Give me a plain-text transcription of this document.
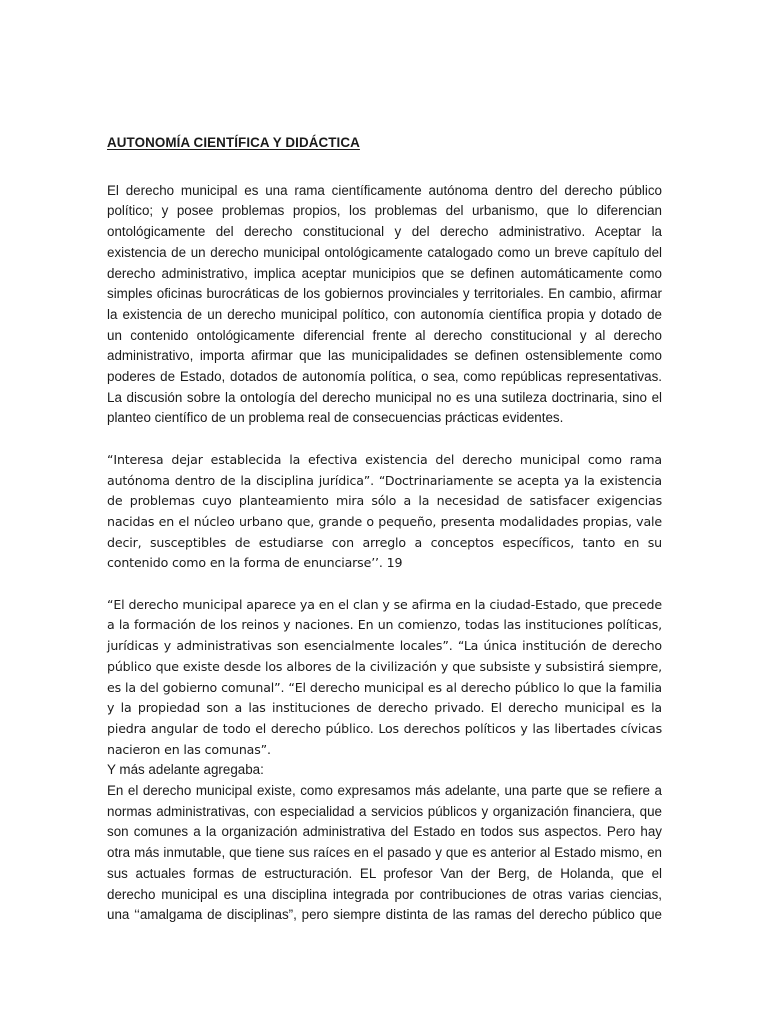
AUTONOMÍA CIENTÍFICA Y DIDÁCTICA

El derecho municipal es una rama científicamente autónoma dentro del derecho público político; y posee problemas propios, los problemas del urbanismo, que lo diferencian ontológicamente del derecho constitucional y del derecho administrativo. Aceptar la existencia de un derecho municipal ontológicamente catalogado como un breve capítulo del derecho administrativo, implica aceptar municipios que se definen automáticamente como simples oficinas burocráticas de los gobiernos provinciales y territoriales. En cambio, afirmar la existencia de un derecho municipal político, con autonomía científica propia y dotado de un contenido ontológicamente diferencial frente al derecho constitucional y al derecho administrativo, importa afirmar que las municipalidades se definen ostensiblemente como poderes de Estado, dotados de autonomía política, o sea, como repúblicas representativas. La discusión sobre la ontología del derecho municipal no es una sutileza doctrinaria, sino el planteo científico de un problema real de consecuencias prácticas evidentes.

“Interesa dejar establecida la efectiva existencia del derecho municipal como rama autónoma dentro de la disciplina jurídica”. “Doctrinariamente se acepta ya la existencia de problemas cuyo planteamiento mira sólo a la necesidad de satisfacer exigencias nacidas en el núcleo urbano que, grande o pequeño, presenta modalidades propias, vale decir, susceptibles de estudiarse con arreglo a conceptos específicos, tanto en su contenido como en la forma de enunciarse’’. 19

“El derecho municipal aparece ya en el clan y se afirma en la ciudad-Estado, que precede a la formación de los reinos y naciones. En un comienzo, todas las instituciones políticas, jurídicas y administrativas son esencialmente locales”. “La única institución de derecho público que existe desde los albores de la civilización y que subsiste y subsistirá siempre, es la del gobierno comunal”. “El derecho municipal es al derecho público lo que la familia y la propiedad son a las instituciones de derecho privado. El derecho municipal es la piedra angular de todo el derecho público. Los derechos políticos y las libertades cívicas nacieron en las comunas”.

Y más adelante agregaba:

En el derecho municipal existe, como expresamos más adelante, una parte que se refiere a normas administrativas, con especialidad a servicios públicos y organización financiera, que son comunes a la organización administrativa del Estado en todos sus aspectos. Pero hay otra más inmutable, que tiene sus raíces en el pasado y que es anterior al Estado mismo, en sus actuales formas de estructuración. EL profesor Van der Berg, de Holanda, que el derecho municipal es una disciplina integrada por contribuciones de otras varias ciencias, una ‘‘amalgama de disciplinas”, pero siempre distinta de las ramas del derecho público que
